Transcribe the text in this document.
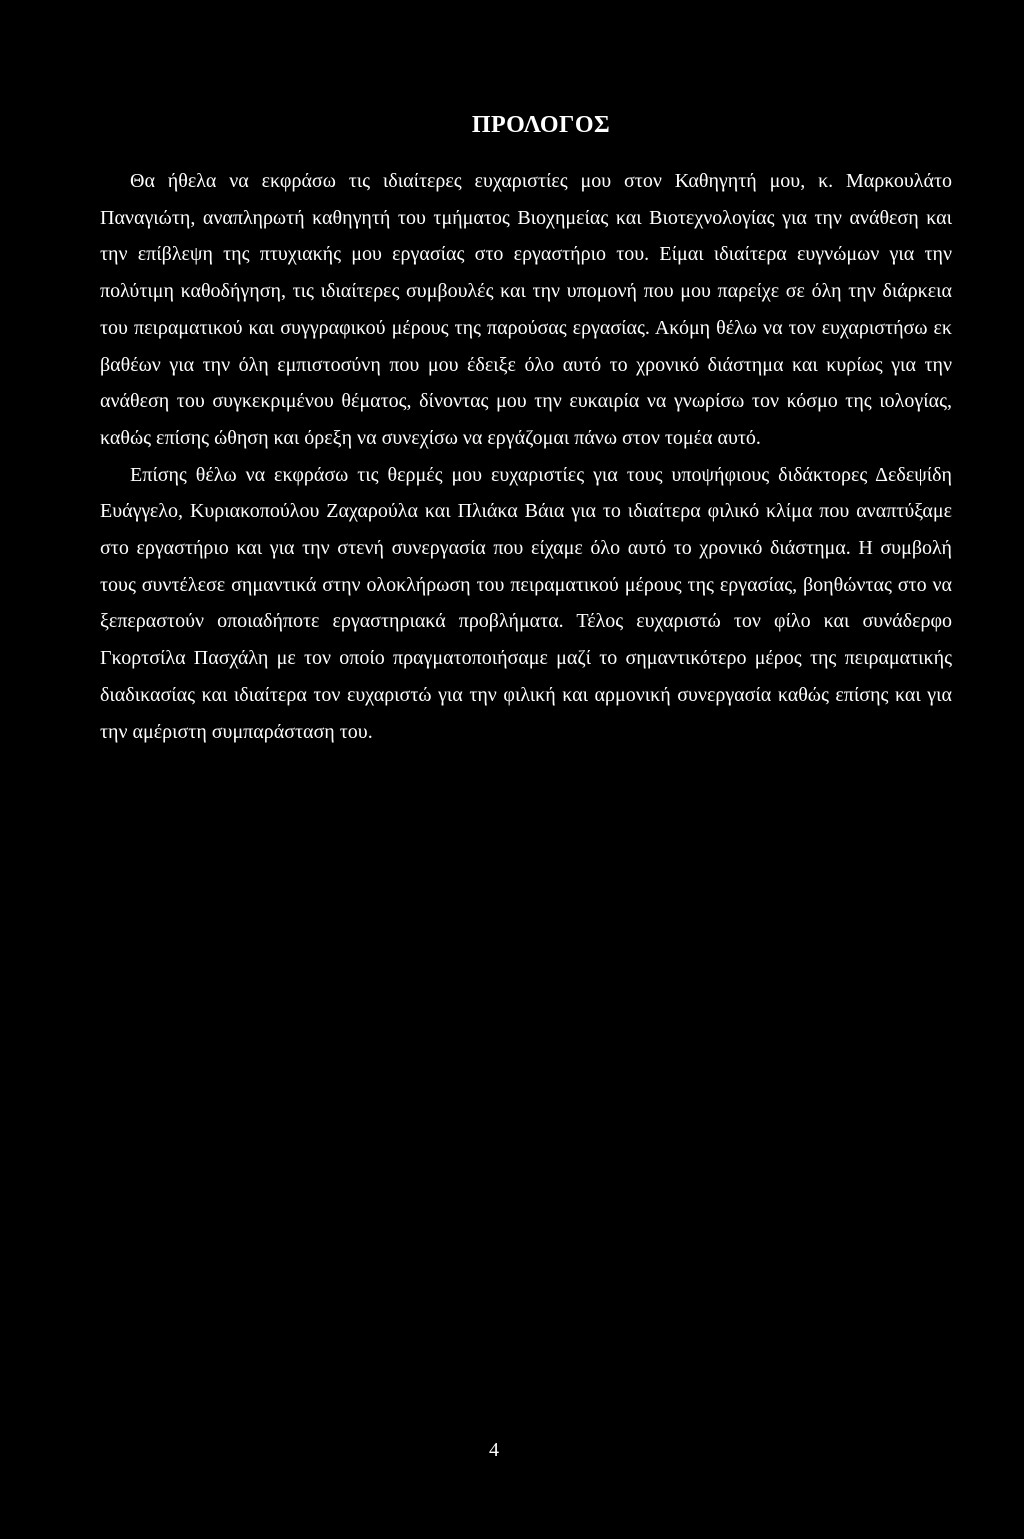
ΠΡΟΛΟΓΟΣ

Θα ήθελα να εκφράσω τις ιδιαίτερες ευχαριστίες μου στον Καθηγητή μου, κ. Μαρκουλάτο Παναγιώτη, αναπληρωτή καθηγητή του τμήματος Βιοχημείας και Βιοτεχνολογίας για την ανάθεση και την επίβλεψη της πτυχιακής μου εργασίας στο εργαστήριο του. Είμαι ιδιαίτερα ευγνώμων για την πολύτιμη καθοδήγηση, τις ιδιαίτερες συμβουλές και την υπομονή που μου παρείχε σε όλη την διάρκεια του πειραματικού και συγγραφικού μέρους της παρούσας εργασίας. Ακόμη θέλω να τον ευχαριστήσω εκ βαθέων για την όλη εμπιστοσύνη που μου έδειξε όλο αυτό το χρονικό διάστημα και κυρίως για την ανάθεση του συγκεκριμένου θέματος, δίνοντας μου την ευκαιρία να γνωρίσω τον κόσμο της ιολογίας, καθώς επίσης ώθηση και όρεξη να συνεχίσω να εργάζομαι πάνω στον τομέα αυτό.

Επίσης θέλω να εκφράσω τις θερμές μου ευχαριστίες για τους υποψήφιους διδάκτορες Δεδεψίδη Ευάγγελο, Κυριακοπούλου Ζαχαρούλα και Πλιάκα Βάια για το ιδιαίτερα φιλικό κλίμα που αναπτύξαμε στο εργαστήριο και για την στενή συνεργασία που είχαμε όλο αυτό το χρονικό διάστημα. Η συμβολή τους συντέλεσε σημαντικά στην ολοκλήρωση του πειραματικού μέρους της εργασίας, βοηθώντας στο να ξεπεραστούν οποιαδήποτε εργαστηριακά προβλήματα. Τέλος ευχαριστώ τον φίλο και συνάδερφο Γκορτσίλα Πασχάλη με τον οποίο πραγματοποιήσαμε μαζί το σημαντικότερο μέρος της πειραματικής διαδικασίας και ιδιαίτερα τον ευχαριστώ για την φιλική και αρμονική συνεργασία καθώς επίσης και για την αμέριστη συμπαράσταση του.

4
